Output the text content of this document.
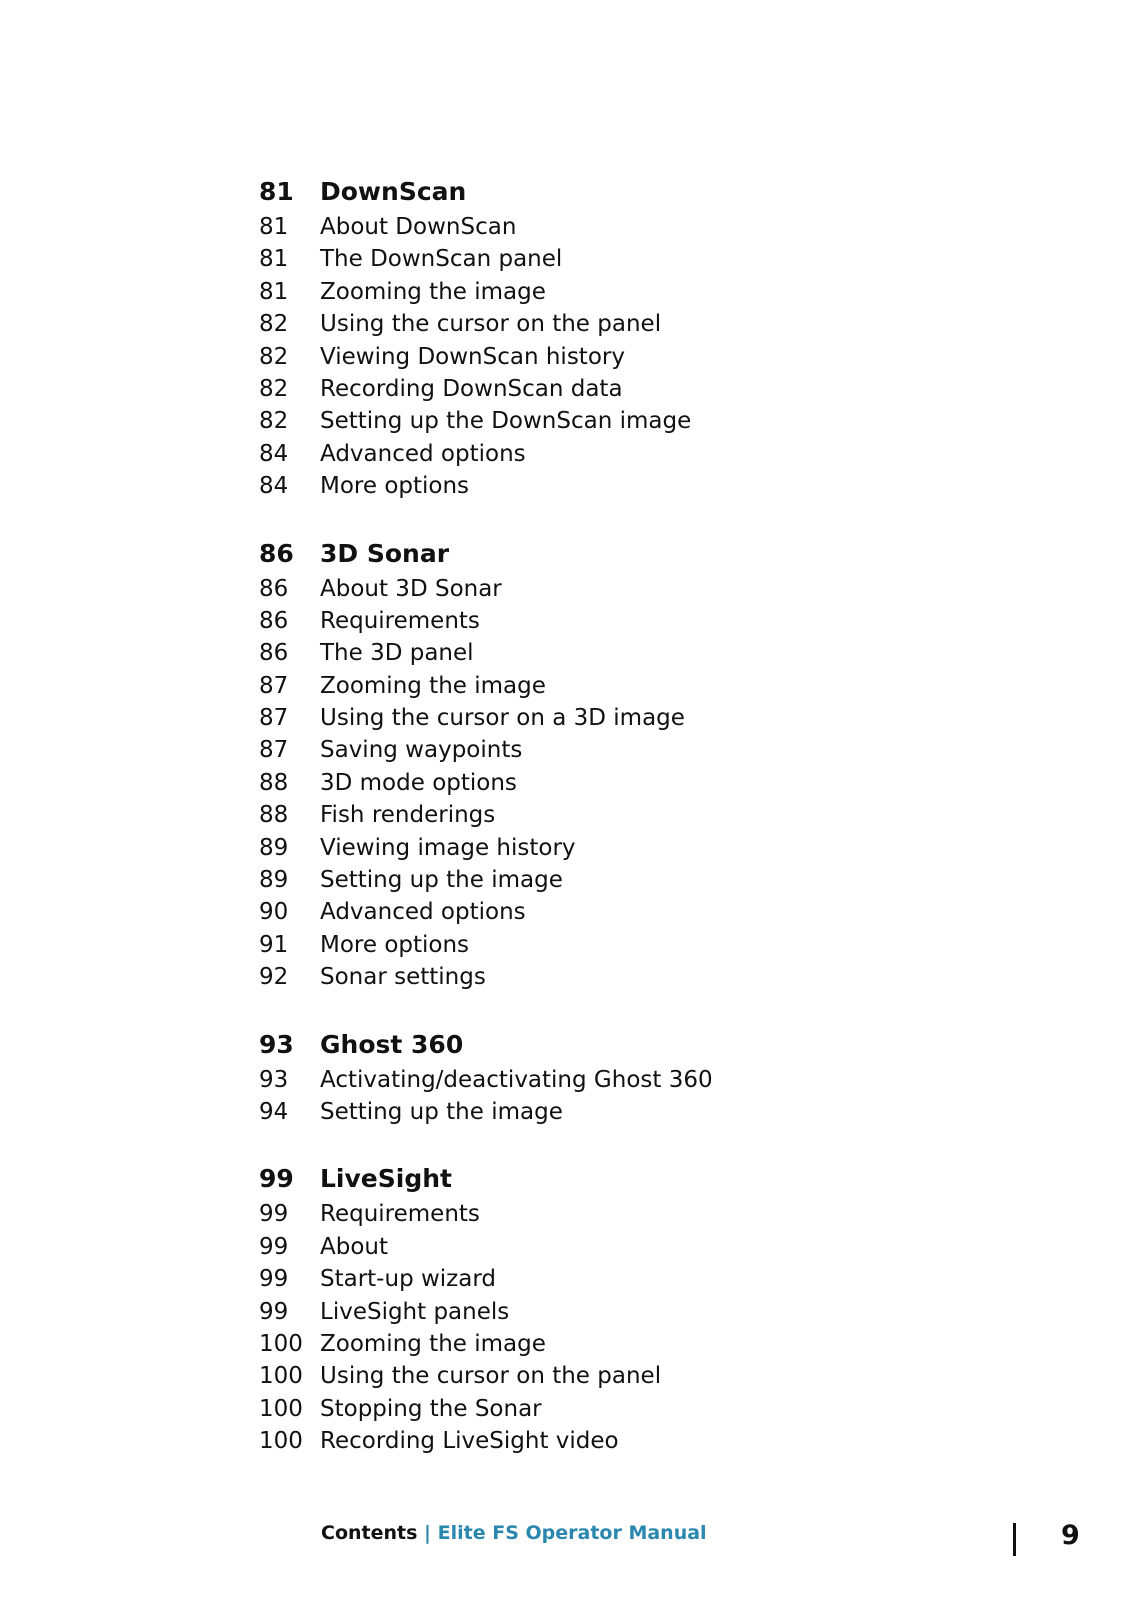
81	DownScan
81	About DownScan
81	The DownScan panel
81	Zooming the image
82	Using the cursor on the panel
82	Viewing DownScan history
82	Recording DownScan data
82	Setting up the DownScan image
84	Advanced options
84	More options
86	3D Sonar
86	About 3D Sonar
86	Requirements
86	The 3D panel
87	Zooming the image
87	Using the cursor on a 3D image
87	Saving waypoints
88	3D mode options
88	Fish renderings
89	Viewing image history
89	Setting up the image
90	Advanced options
91	More options
92	Sonar settings
93	Ghost 360
93	Activating/deactivating Ghost 360
94	Setting up the image
99	LiveSight
99	Requirements
99	About
99	Start-up wizard
99	LiveSight panels
100 Zooming the image
100 Using the cursor on the panel
100 Stopping the Sonar
100 Recording LiveSight video
Contents | Elite FS Operator Manual	9
